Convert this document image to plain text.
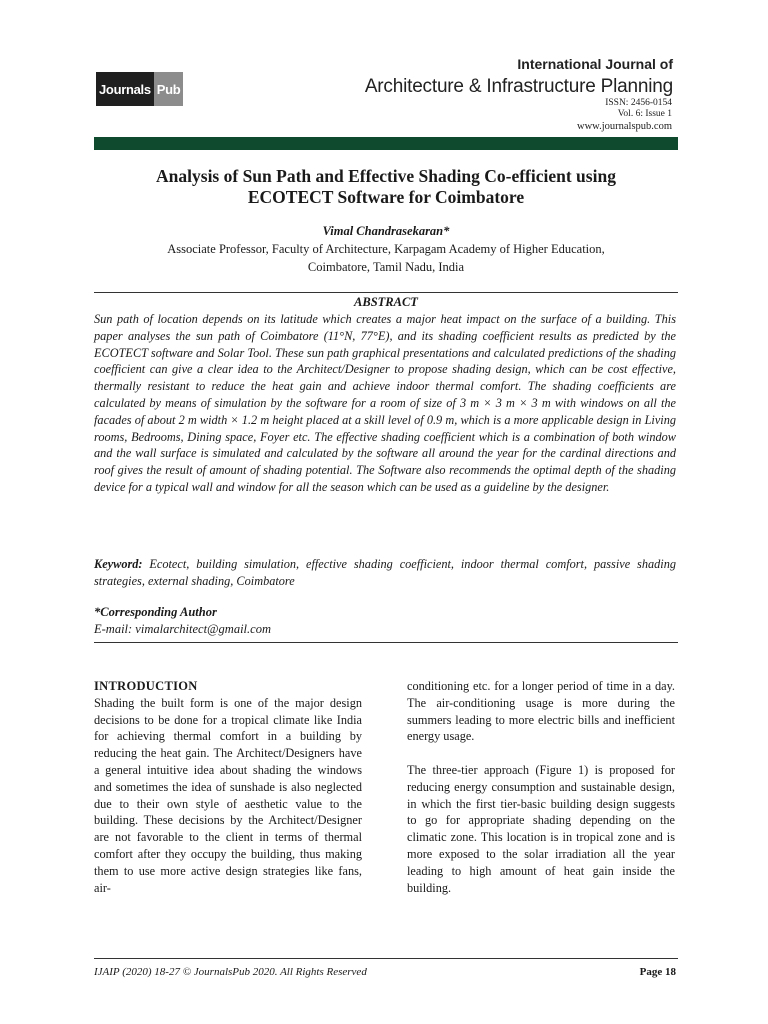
Journals Pub
International Journal of
Architecture & Infrastructure Planning
ISSN: 2456-0154
Vol. 6: Issue 1
www.journalspub.com
Analysis of Sun Path and Effective Shading Co-efficient using
ECOTECT Software for Coimbatore
Vimal Chandrasekaran*
Associate Professor, Faculty of Architecture, Karpagam Academy of Higher Education,
Coimbatore, Tamil Nadu, India
ABSTRACT
Sun path of location depends on its latitude which creates a major heat impact on the surface of a building. This paper analyses the sun path of Coimbatore (11°N, 77°E), and its shading coefficient results as predicted by the ECOTECT software and Solar Tool. These sun path graphical presentations and calculated predictions of the shading coefficient can give a clear idea to the Architect/Designer to propose shading design, which can be cost effective, thermally resistant to reduce the heat gain and achieve indoor thermal comfort. The shading coefficients are calculated by means of simulation by the software for a room of size of 3 m × 3 m × 3 m with windows on all the facades of about 2 m width × 1.2 m height placed at a skill level of 0.9 m, which is a more applicable design in Living rooms, Bedrooms, Dining space, Foyer etc. The effective shading coefficient which is a combination of both window and the wall surface is simulated and calculated by the software all around the year for the cardinal directions and roof gives the result of amount of shading potential. The Software also recommends the optimal depth of the shading device for a typical wall and window for all the season which can be used as a guideline by the designer.
Keyword: Ecotect, building simulation, effective shading coefficient, indoor thermal comfort, passive shading strategies, external shading, Coimbatore
*Corresponding Author
E-mail: vimalarchitect@gmail.com
INTRODUCTION

Shading the built form is one of the major design decisions to be done for a tropical climate like India for achieving thermal comfort in a building by reducing the heat gain. The Architect/Designers have a general intuitive idea about shading the windows and sometimes the idea of sunshade is also neglected due to their own style of aesthetic value to the building. These decisions by the Architect/Designer are not favorable to the client in terms of thermal comfort after they occupy the building, thus making them to use more active design strategies like fans, air-

conditioning etc. for a longer period of time in a day. The air-conditioning usage is more during the summers leading to more electric bills and inefficient energy usage.

The three-tier approach (Figure 1) is proposed for reducing energy consumption and sustainable design, in which the first tier-basic building design suggests to go for appropriate shading depending on the climatic zone. This location is in tropical zone and is more exposed to the solar irradiation all the year leading to high amount of heat gain inside the building.

IJAIP (2020) 18-27 © JournalsPub 2020. All Rights Reserved	Page 18
